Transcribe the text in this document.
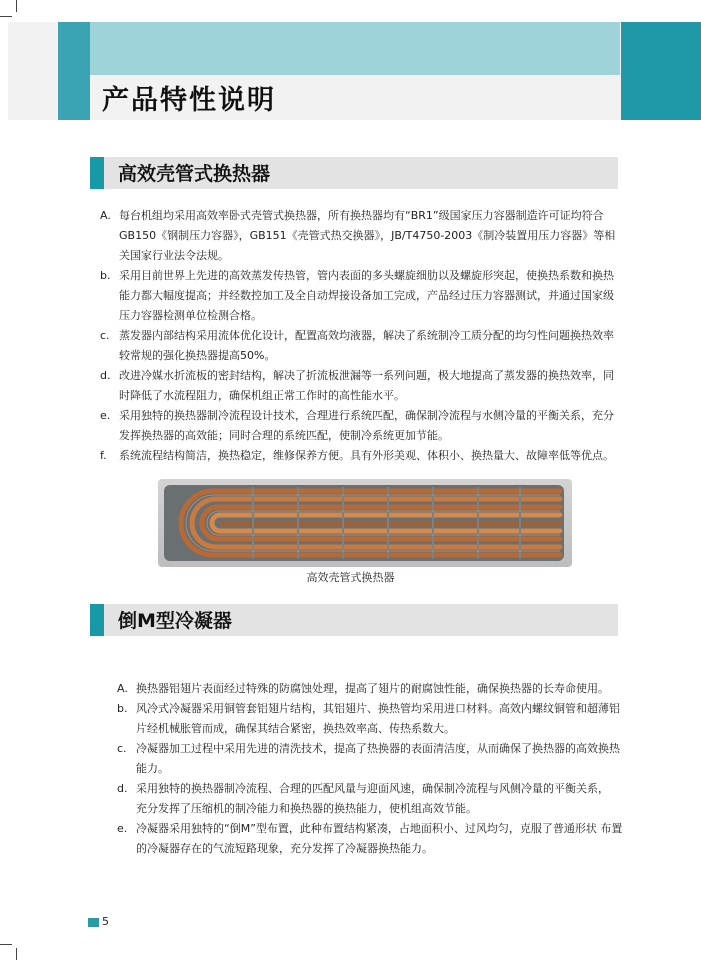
产品特性说明
高效壳管式换热器
A. 每台机组均采用高效率卧式壳管式换热器，所有换热器均有“BR1”级国家压力容器制造许可证均符合GB150《钢制压力容器》，GB151《壳管式热交换器》，JB/T4750-2003《制冷装置用压力容器》等相关国家行业法令法规。
b. 采用目前世界上先进的高效蒸发传热管，管内表面的多头螺旋细肋以及螺旋形突起，使换热系数和换热能力都大幅度提高；并经数控加工及全自动焊接设备加工完成，产品经过压力容器测试，并通过国家级压力容器检测单位检测合格。
c. 蒸发器内部结构采用流体优化设计，配置高效均液器，解决了系统制冷工质分配的均匀性问题换热效率较常规的强化换热器提高50%。
d. 改进冷媒水折流板的密封结构，解决了折流板泄漏等一系列问题，极大地提高了蒸发器的换热效率，同时降低了水流程阻力，确保机组正常工作时的高性能水平。
e. 采用独特的换热器制冷流程设计技术，合理进行系统匹配，确保制冷流程与水侧冷量的平衡关系，充分发挥换热器的高效能；同时合理的系统匹配，使制冷系统更加节能。
f. 系统流程结构简洁，换热稳定，维修保养方便。具有外形美观、体积小、换热量大、故障率低等优点。
高效壳管式换热器
倒M型冷凝器
A. 换热器铝翅片表面经过特殊的防腐蚀处理，提高了翅片的耐腐蚀性能，确保换热器的长寿命使用。
b. 风冷式冷凝器采用铜管套铝翅片结构，其铝翅片、换热管均采用进口材料。高效内螺纹铜管和超薄铝片经机械胀管而成，确保其结合紧密，换热效率高、传热系数大。
c. 冷凝器加工过程中采用先进的清洗技术，提高了热换器的表面清洁度，从而确保了换热器的高效换热能力。
d. 采用独特的换热器制冷流程、合理的匹配风量与迎面风速，确保制冷流程与风侧冷量的平衡关系， 充分发挥了压缩机的制冷能力和换热器的换热能力，使机组高效节能。
e. 冷凝器采用独特的“倒M”型布置，此种布置结构紧凑，占地面积小、过风均匀，克服了普通形状 布置的冷凝器存在的气流短路现象，充分发挥了冷凝器换热能力。
5
